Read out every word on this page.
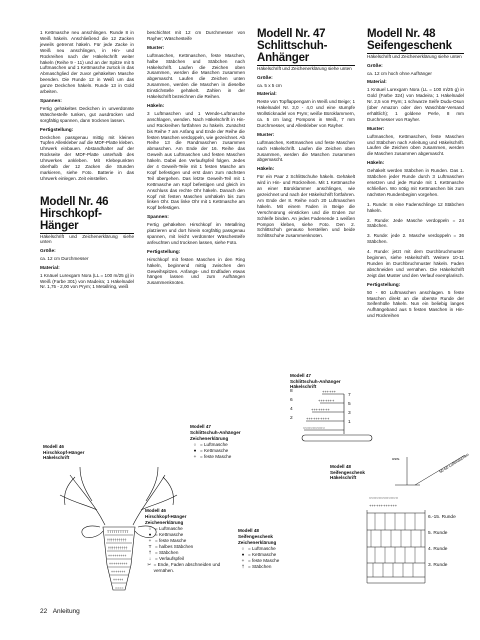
1 Kettmasche neu anschlingen. Runde 8 in Weiß häkeln. Anschließend die 12 Zacken jeweils getrennt häkeln. Für jede Zacke in Weiß neu anschlingen, in Hin- und Rückreihen nach der Häkelschrift weiter häkeln (Reihe 9 - 11) und an der Spitze mit 5 Luftmaschen und 1 Kettmasche zurück in das Abmaschglied der zuvor gehäkelten Masche beenden. Die Runde 12 in Weiß um das ganze Deckchen häkeln. Runde 13 in Gold arbeiten.

Spannen:

Fertig gehäkeltes Deckchen in unverdünnte Wäschesteife tunken, gut ausdrücken und sorgfältig spannen, dann trocknen lassen.

Fertigstellung:

Deckchen passgenau mittig mit kleinen Tupfen Alleskleber auf die MDF-Platte kleben. Uhrwerk einbauen. Abstandhalter auf der Rückseite der MDF-Platte unterhalb des Uhrwerkes ankleben. Mit Klebepunkten oberhalb der 12 Zacken die Stunden markieren, siehe Foto. Batterie in das Uhrwerk einlegen. Zeit einstellen.

Modell Nr. 46
Hirschkopf-Hänger

Häkelschrift und Zeichenerklärung siehe unten

Größe:

ca. 12 cm Durchmesser

Material:

1 Knäuel Lurexgarn Nora (LL = 100 m/25 g) in Weiß (Farbe 301) von Madeira; 1 Häkelnadel Nr. 1,75 - 2,00 von Prym; 1 Metallring, weiß

beschichtet mit 12 cm Durchmesser von Rayher; Wäschesteife

Muster:

Luftmaschen, Kettmaschen, feste Maschen, halbe Stäbchen und Stäbchen nach Häkelschrift. Laufen die Zeichen oben zusammen, werden die Maschen zusammen abgemascht. Laufen die Zeichen unten zusammen, werden die Maschen in dieselbe Einstichstelle gehäkelt. Zahlen in der Häkelschrift bezeichnen die Reihen.

Häkeln:

3 Luftmaschen und 1 Wende-Luftmasche anschlagen, wenden. Nach Häkelschrift in Hin- und Rückreihen fortfahren zu häkeln. Zunächst bis Reihe 7 am Anfang und Ende der Reihe die festen Maschen verdoppeln, wie gezeichnet. Ab Reihe 13 die Randmaschen zusammen abmaschen. Am Ende der 16. Reihe das Geweih aus Luftmaschen und festen Maschen häkeln. Dabei den Verlaufspfeil folgen. Jedes der 4 Geweih-Teile mit 1 festen Masche am Kopf befestigen und erst dann zum nächsten Teil übergehen. Das letzte Geweih-Teil mit 1 Kettmasche am Kopf befestigen und gleich im Anschluss das rechte Ohr häkeln. Danach den Kopf mit festen Maschen umhäkeln bis zum linken Ohr. Das linke Ohr mit 1 Kettmasche am Kopf befestigen.

Spannen:

Fertig gehäkelten Hirschkopf im Metallring platzieren und dort hinein sorgfältig passgenau spannen, mit leicht verdünnter Wäschesteife anfeuchten und trocknen lassen, siehe Foto.

Fertigstellung:

Hirschkopf mit festen Maschen in den Ring häkeln, beginnend mittig zwischen den Geweihspitzen. Anfangs- und Endfaden etwas hängen lassen und zum Aufhängen zusammenknoten.

Modell Nr. 47
Schlittschuh-Anhänger

Häkelschrift und Zeichenerklärung siehe unten

Größe:

ca. 5 x 5 cm

Material:

Reste von Topflappengarn in Weiß und Beige; 1 Häkelnadel Nr. 3,0 - 4,0 und eine stumpfe Wollsticknadel von Prym; weiße Büroklammern, ca. 5 cm lang; Pompons in Weiß, 7 mm Durchmesser, und Alleskleber von Rayher.

Muster:

Luftmaschen, Kettmaschen und feste Maschen nach Häkelschrift. Laufen die Zeichen oben zusammen, werden die Maschen zusammen abgemascht.

Häkeln:

Für ein Paar 2 Schlittschuhe häkeln. Gehäkelt wird in Hin- und Rückreihen. Mit 1 Kettmasche an einer Büroklammer anschlingen, wie gezeichnet und nach der Häkelschrift fortfahren. Am Ende der 8. Reihe noch 20 Luftmaschen häkeln. Mit einem Faden in Beige die Verschnürung einsticken und die Enden zur Schleife binden. An jedes Fadenende 1 weißen Pompon kleben, siehe Foto. Den 2. Schlittschuh genauso herstellen und beide Schlittschuhe zusammenknoten.

Modell Nr. 48
Seifengeschenk

Häkelschrift und Zeichenerklärung siehe unten

Größe:

ca. 12 cm hoch ohne Aufhänger

Material:

1 Knäuel Lurexgarn Nora (LL = 100 m/25 g) in Gold (Farbe 324) von Madeira; 1 Häkelnadel Nr. 2,5 von Prym; 1 schwarze Seife Dudu-Osun (über Amazon oder den Waschbär-Versand erhältlich); 1 goldene Perle, 8 mm Durchmesser von Rayher.

Muster:

Luftmaschen, Kettmaschen, feste Maschen und Stäbchen nach Anleitung und Häkelschrift. Laufen die Zeichen oben zusammen, werden die Maschen zusammen abgemascht.

Häkeln:

Gehäkelt werden Stäbchen in Runden. Das 1. Stäbchen jeder Runde durch 3 Luftmaschen ersetzen und jede Runde mit 1 Kettmasche schließen. Wo nötig mit Kettmaschen bis zum nächsten Rundenbeginn vorgehen.

1. Runde: In eine Fadenschlinge 12 Stäbchen häkeln.

2. Runde: Jede Masche verdoppeln = 24 Stäbchen.

3. Runde: jede 2. Masche verdoppeln = 36 Stäbchen.

4. Runde: jetzt mit dem Durchbruchmuster beginnen, siehe Häkelschrift. Weitere 10-11 Runden im Durchbruchmuster häkeln. Faden abschneiden und vernähen. Die Häkelschrift zeigt das Muster und den Verlauf exemplarisch.

Fertigstellung:

50 - 60 Luftmaschen anschlagen. 5 feste Maschen direkt an die oberste Runde der Seifenhülle häkeln. Nun ein beliebig langes Aufhängeband aus 5 festen Maschen in Hin- und Rückreihen

Modell 47
Schlittschuh-Anhänger
Häkelschrift
++++++
+++++++
++++++++
++++++++++
○○○○○○○○○
8
6
4
2
7
5
3
1
Modell 46
Hirschkopf-Hänger
Häkelschrift
ТТТТТТТТТТ
††††††††††
††††††††††
+++++++++
+++++++++
+++++++
+++++
○○○○
Modell 47
Schlittschuh-Anhänger
Zeichenerklärung
○ = Luftmasche
● = Kettmasche
+ = feste Masche
Modell 46
Hirschkopf-Hänger
Zeichenerklärung
○ = Luftmasche
● = Kettmasche
+ = feste Masche
T = halbes Stäbchen
† = Stäbchen
↓ = Verlaufspfeil
✂ = Ende, Faden abschneiden und vernähen.
Modell 48
Seifengeschenk
Zeichenerklärung
○ = Luftmasche
● = Kettmasche
+ = feste Masche
† = Stäbchen
Modell 48
Seifengeschenk
Häkelschrift
○○○○○○○○○○○○
++++++++++++
50-60 Luftmaschen
usw.
6.-15. Runde
5. Runde
4. Runde
3. Runde
22 Anleitung
